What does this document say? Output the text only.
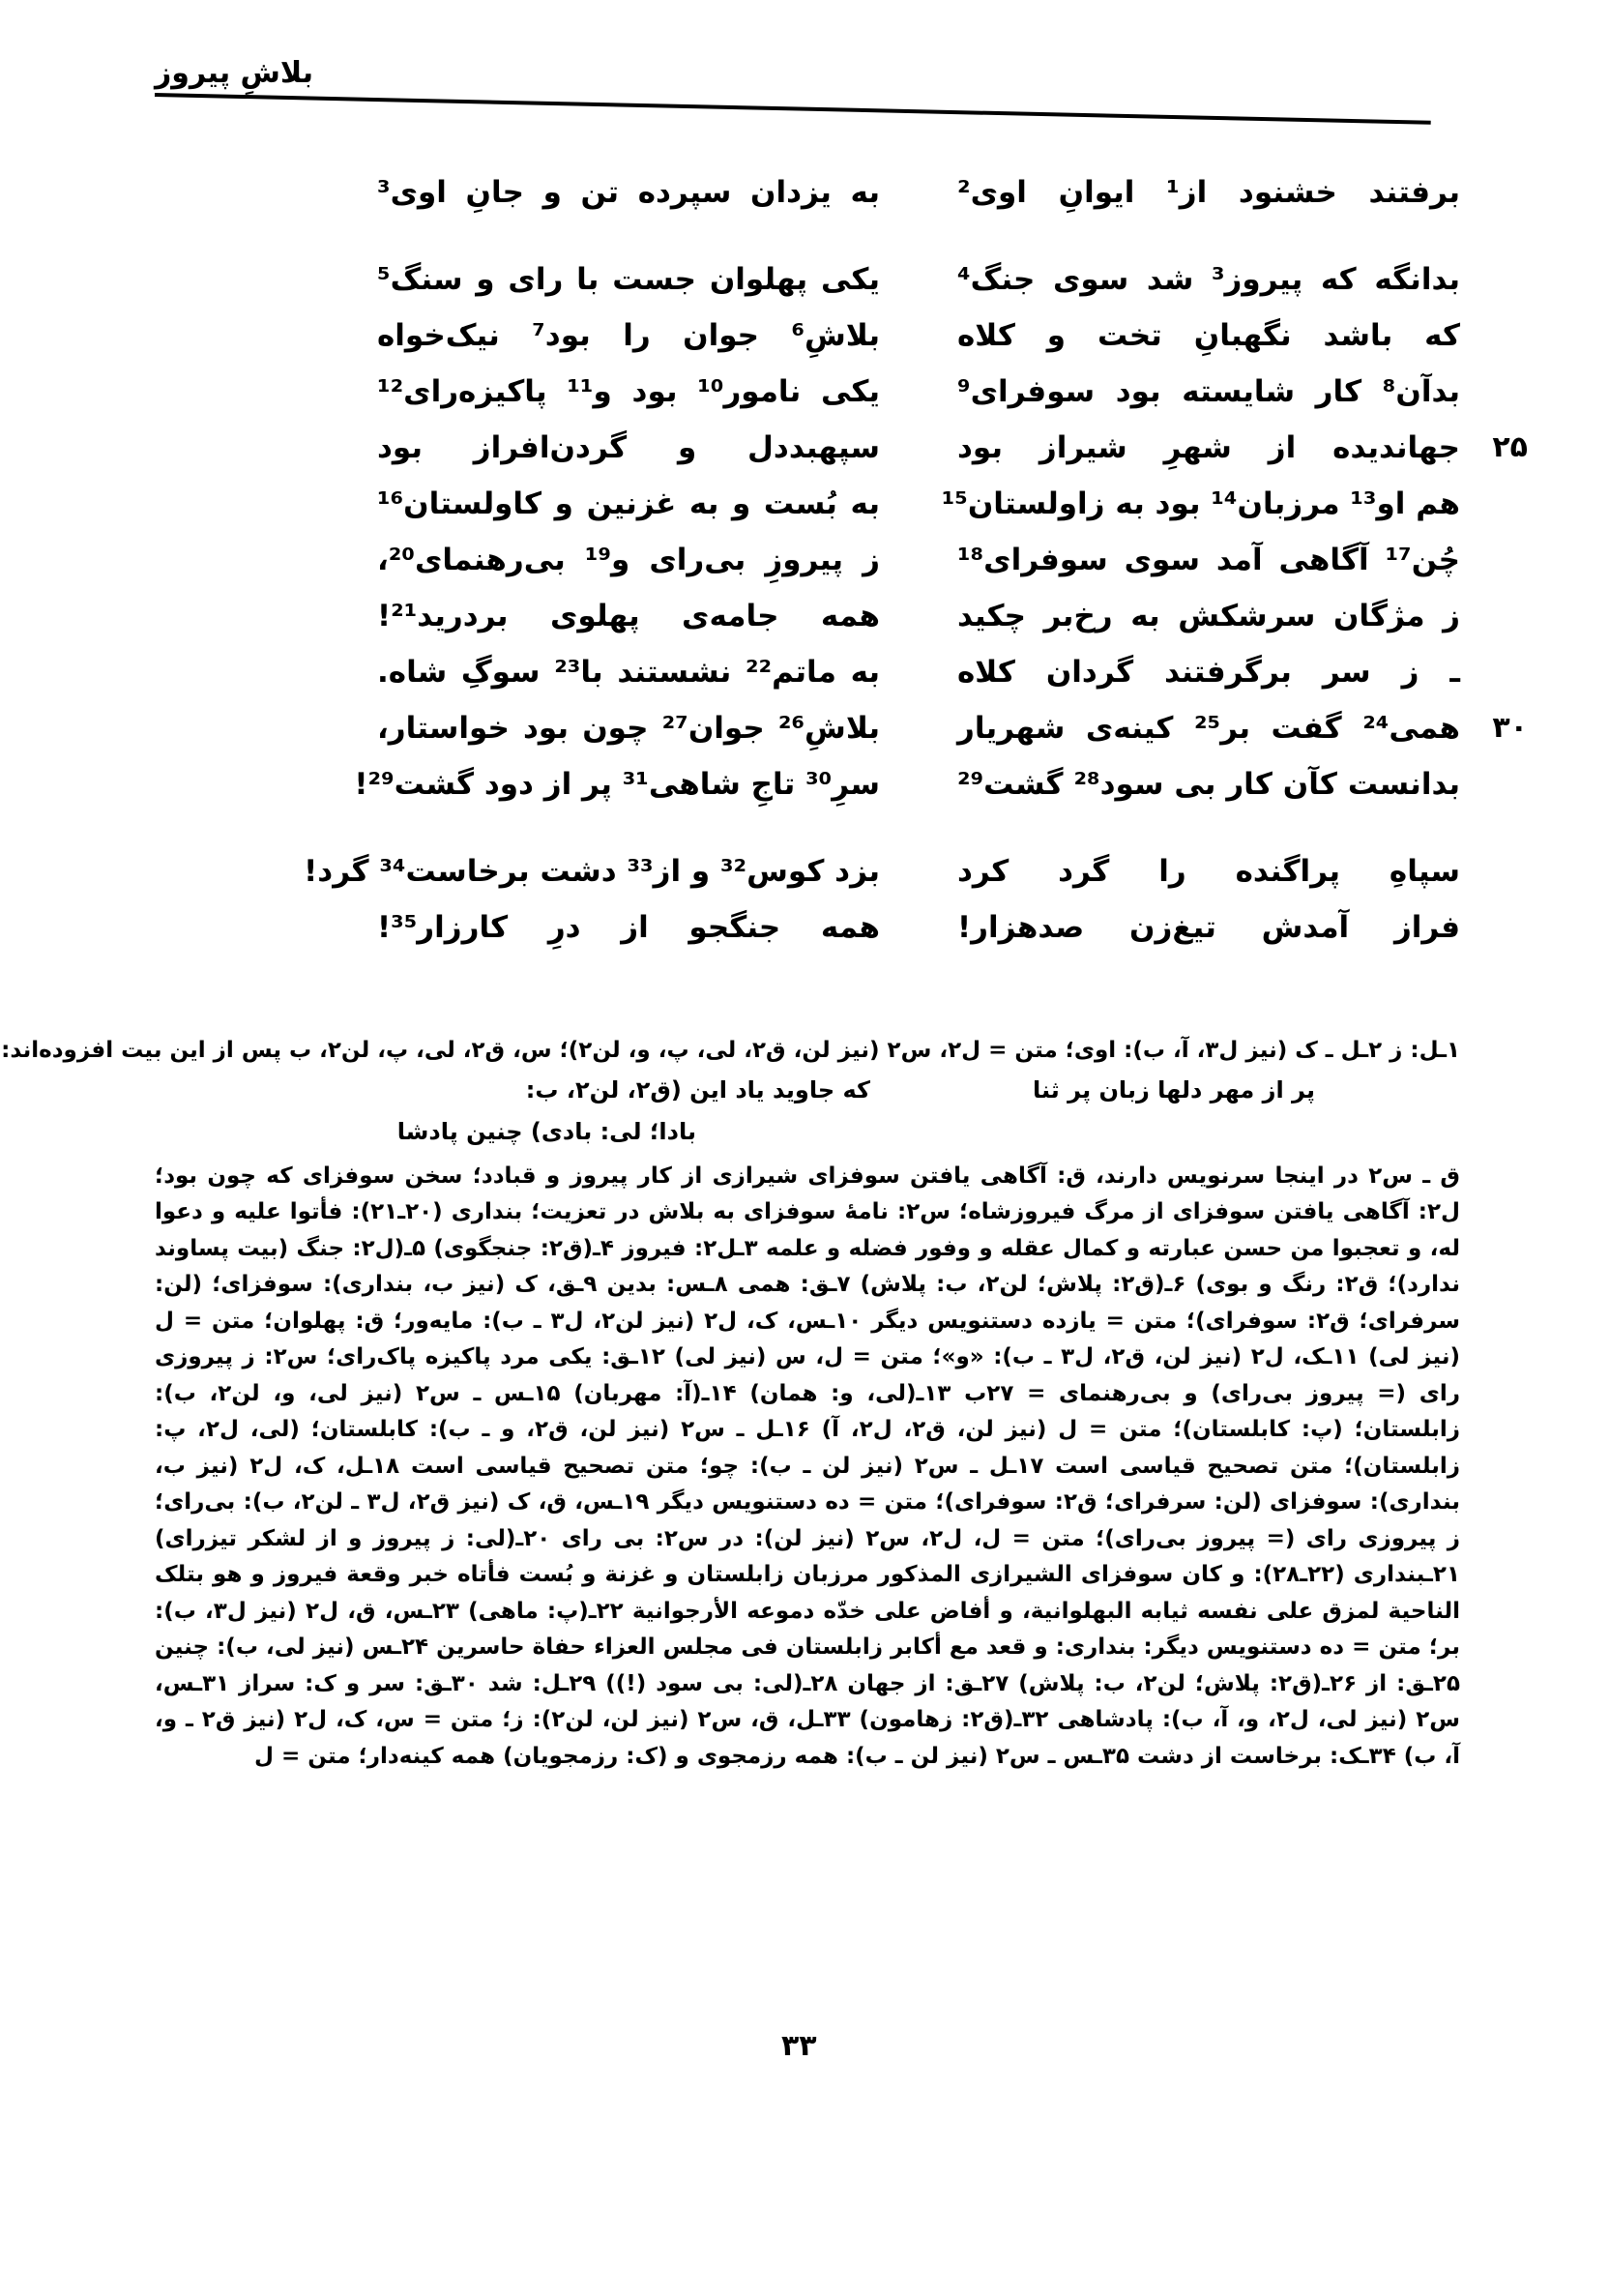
بلاشِ پیروز
برفتند خشنود از¹ ایوانِ اوی²
به یزدان سپرده تن و جانِ اوی³
بدانگه که پیروز³ شد سوی جنگ⁴
یکی پهلوان جست با رای و سنگ⁵
که باشد نگهبانِ تخت و کلاه
بلاشِ⁶ جوان را بود⁷ نیک‌خواه
بدآن⁸ کار شایسته بود سوفرای⁹
یکی نامور¹⁰ بود و¹¹ پاکیزه‌رای¹²
۲۵
جهاندیده از شهرِ شیراز بود
سپهبددل و گردن‌افراز بود
هم او¹³ مرزبان¹⁴ بود به زاولستان¹⁵
به بُست و به غزنین و کاولستان¹⁶
چُن¹⁷ آگاهی آمد سوی سوفرای¹⁸
ز پیروزِ بی‌رای و¹⁹ بی‌رهنمای²⁰،
ز مژگان سرشکش به رخ‌بر چکید
همه جامه‌ی پهلوی بردرید²¹!
ـ ز سر برگرفتند گردان کلاه
به ماتم²² نشستند با²³ سوگِ شاه.
۳۰
همی²⁴ گفت بر²⁵ کینه‌ی شهریار
بلاشِ²⁶ جوان²⁷ چون بود خواستار،
بدانست کآن کار بی سود²⁸ گشت²⁹
سرِ³⁰ تاجِ شاهی³¹ پر از دود گشت²⁹!
سپاهِ پراگنده را گرد کرد
بزد کوس³² و از³³ دشت برخاست³⁴ گرد!
فراز آمدش تیغ‌زن صدهزار!
همه جنگجو از درِ کارزار³⁵!

۱ـل: ز ۲ـل ـ ک (نیز ل۳، آ، ب): اوی؛ متن = ل۲، س۲ (نیز لن، ق۲، لی، پ، و، لن۲)؛ س، ق۲، لی، پ، لن۲، ب پس از این بیت افزوده‌اند:

پر از مهر دلها زبان پر ثنا
که جاوید یاد این (ق۲، لن۲، ب:
بادا؛ لی: بادی) چنین پادشا

ق ـ س۲ در اینجا سرنویس دارند، ق: آگاهی یافتن سوفزای شیرازی از کار پیروز و قبادد؛ سخن سوفزای که چون بود؛ ل۲: آگاهی یافتن سوفزای از مرگ فیروزشاه؛ س۲: نامهٔ سوفزای به بلاش در تعزیت؛ بنداری (۲۰ـ۲۱): فأتوا علیه و دعوا له، و تعجبوا من حسن عبارته و کمال عقله و وفور فضله و علمه ۳ـل۲: فیروز ۴ـ(ق۲: جنجگوی) ۵ـ(ل۲: جنگ (بیت پساوند ندارد)؛ ق۲: رنگ و بوی) ۶ـ(ق۲: پلاش؛ لن۲، ب: پلاش) ۷ـق: همی ۸ـس: بدین ۹ـق، ک (نیز ب، بنداری): سوفزای؛ (لن: سرفرای؛ ق۲: سوفرای)؛ متن = یازده دستنویس دیگر ۱۰ـس، ک، ل۲ (نیز لن۲، ل۳ ـ ب): مایه‌ور؛ ق: پهلوان؛ متن = ل (نیز لی) ۱۱ـک، ل۲ (نیز لن، ق۲، ل۳ ـ ب): «و»؛ متن = ل، س (نیز لی) ۱۲ـق: یکی مرد پاکیزه پاک‌رای؛ س۲: ز پیروزی رای (= پیروز بی‌رای) و بی‌رهنمای = ۲۷ب ۱۳ـ(لی، و: همان) ۱۴ـ(آ: مهربان) ۱۵ـس ـ س۲ (نیز لی، و، لن۲، ب): زابلستان؛ (پ: کابلستان)؛ متن = ل (نیز لن، ق۲، ل۲، آ) ۱۶ـل ـ س۲ (نیز لن، ق۲، و ـ ب): کابلستان؛ (لی، ل۲، پ: زابلستان)؛ متن تصحیح قیاسی است ۱۷ـل ـ س۲ (نیز لن ـ ب): چو؛ متن تصحیح قیاسی است ۱۸ـل، ک، ل۲ (نیز ب، بنداری): سوفزای (لن: سرفرای؛ ق۲: سوفرای)؛ متن = ده دستنویس دیگر ۱۹ـس، ق، ک (نیز ق۲، ل۳ ـ لن۲، ب): بی‌رای؛ ز پیروزی رای (= پیروز بی‌رای)؛ متن = ل، ل۲، س۲ (نیز لن): در س۲: بی رای ۲۰ـ(لی: ز پیروز و از لشکر تیزرای) ۲۱ـبنداری (۲۲ـ۲۸): و کان سوفزای الشیرازی المذکور مرزبان زابلستان و غزنة و بُست فأتاه خبر وقعة فیروز و هو بتلک الناحیة لمزق علی نفسه ثیابه البهلوانیة، و أفاض علی خدّه دموعه الأرجوانیة ۲۲ـ(پ: ماهی) ۲۳ـس، ق، ل۲ (نیز ل۳، ب): بر؛ متن = ده دستنویس دیگر: بنداری: و قعد مع أکابر زابلستان فی مجلس العزاء حفاة حاسرین ۲۴ـس (نیز لی، ب): چنین ۲۵ـق: از ۲۶ـ(ق۲: پلاش؛ لن۲، ب: پلاش) ۲۷ـق: از جهان ۲۸ـ(لی: بی سود (!)) ۲۹ـل: شد ۳۰ـق: سر و ک: سراز ۳۱ـس، س۲ (نیز لی، ل۲، و، آ، ب): پادشاهی ۳۲ـ(ق۲: زهامون) ۳۳ـل، ق، س۲ (نیز لن، لن۲): ز؛ متن = س، ک، ل۲ (نیز ق۲ ـ و، آ، ب) ۳۴ـک: برخاست از دشت ۳۵ـس ـ س۲ (نیز لن ـ ب): همه رزمجوی و (ک: رزمجویان) همه کینه‌دار؛ متن = ل

۳۳
